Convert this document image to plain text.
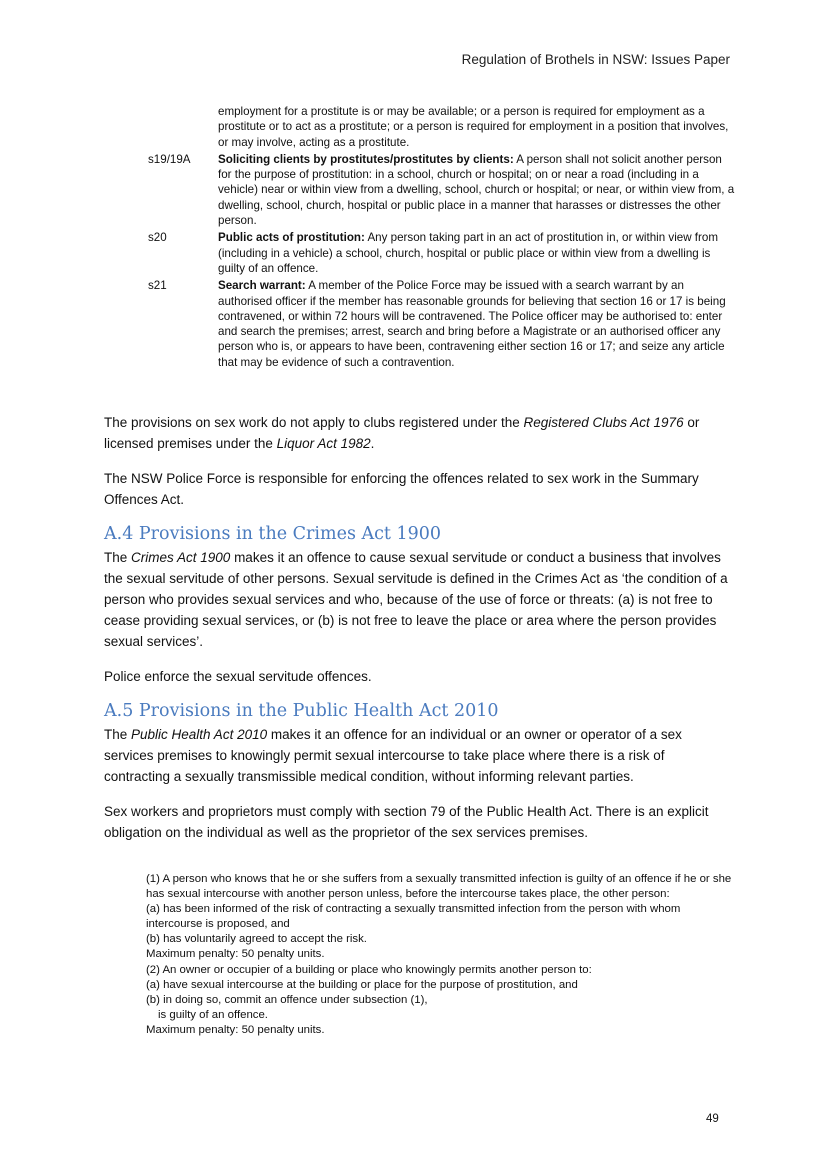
Regulation of Brothels in NSW: Issues Paper
employment for a prostitute is or may be available; or a person is required for employment as a prostitute or to act as a prostitute; or a person is required for employment in a position that involves, or may involve, acting as a prostitute.
s19/19A	Soliciting clients by prostitutes/prostitutes by clients: A person shall not solicit another person for the purpose of prostitution: in a school, church or hospital; on or near a road (including in a vehicle) near or within view from a dwelling, school, church or hospital; or near, or within view from, a dwelling, school, church, hospital or public place in a manner that harasses or distresses the other person.
s20	Public acts of prostitution: Any person taking part in an act of prostitution in, or within view from (including in a vehicle) a school, church, hospital or public place or within view from a dwelling is guilty of an offence.
s21	Search warrant: A member of the Police Force may be issued with a search warrant by an authorised officer if the member has reasonable grounds for believing that section 16 or 17 is being contravened, or within 72 hours will be contravened. The Police officer may be authorised to: enter and search the premises; arrest, search and bring before a Magistrate or an authorised officer any person who is, or appears to have been, contravening either section 16 or 17; and seize any article that may be evidence of such a contravention.

The provisions on sex work do not apply to clubs registered under the Registered Clubs Act 1976 or licensed premises under the Liquor Act 1982.

The NSW Police Force is responsible for enforcing the offences related to sex work in the Summary Offences Act.

A.4 Provisions in the Crimes Act 1900

The Crimes Act 1900 makes it an offence to cause sexual servitude or conduct a business that involves the sexual servitude of other persons. Sexual servitude is defined in the Crimes Act as ‘the condition of a person who provides sexual services and who, because of the use of force or threats: (a) is not free to cease providing sexual services, or (b) is not free to leave the place or area where the person provides sexual services’.

Police enforce the sexual servitude offences.

A.5 Provisions in the Public Health Act 2010

The Public Health Act 2010 makes it an offence for an individual or an owner or operator of a sex services premises to knowingly permit sexual intercourse to take place where there is a risk of contracting a sexually transmissible medical condition, without informing relevant parties.

Sex workers and proprietors must comply with section 79 of the Public Health Act. There is an explicit obligation on the individual as well as the proprietor of the sex services premises.

(1) A person who knows that he or she suffers from a sexually transmitted infection is guilty of an offence if he or she has sexual intercourse with another person unless, before the intercourse takes place, the other person:
(a) has been informed of the risk of contracting a sexually transmitted infection from the person with whom intercourse is proposed, and
(b) has voluntarily agreed to accept the risk.
Maximum penalty: 50 penalty units.
(2) An owner or occupier of a building or place who knowingly permits another person to:
(a) have sexual intercourse at the building or place for the purpose of prostitution, and
(b) in doing so, commit an offence under subsection (1),
is guilty of an offence.
Maximum penalty: 50 penalty units.
49
